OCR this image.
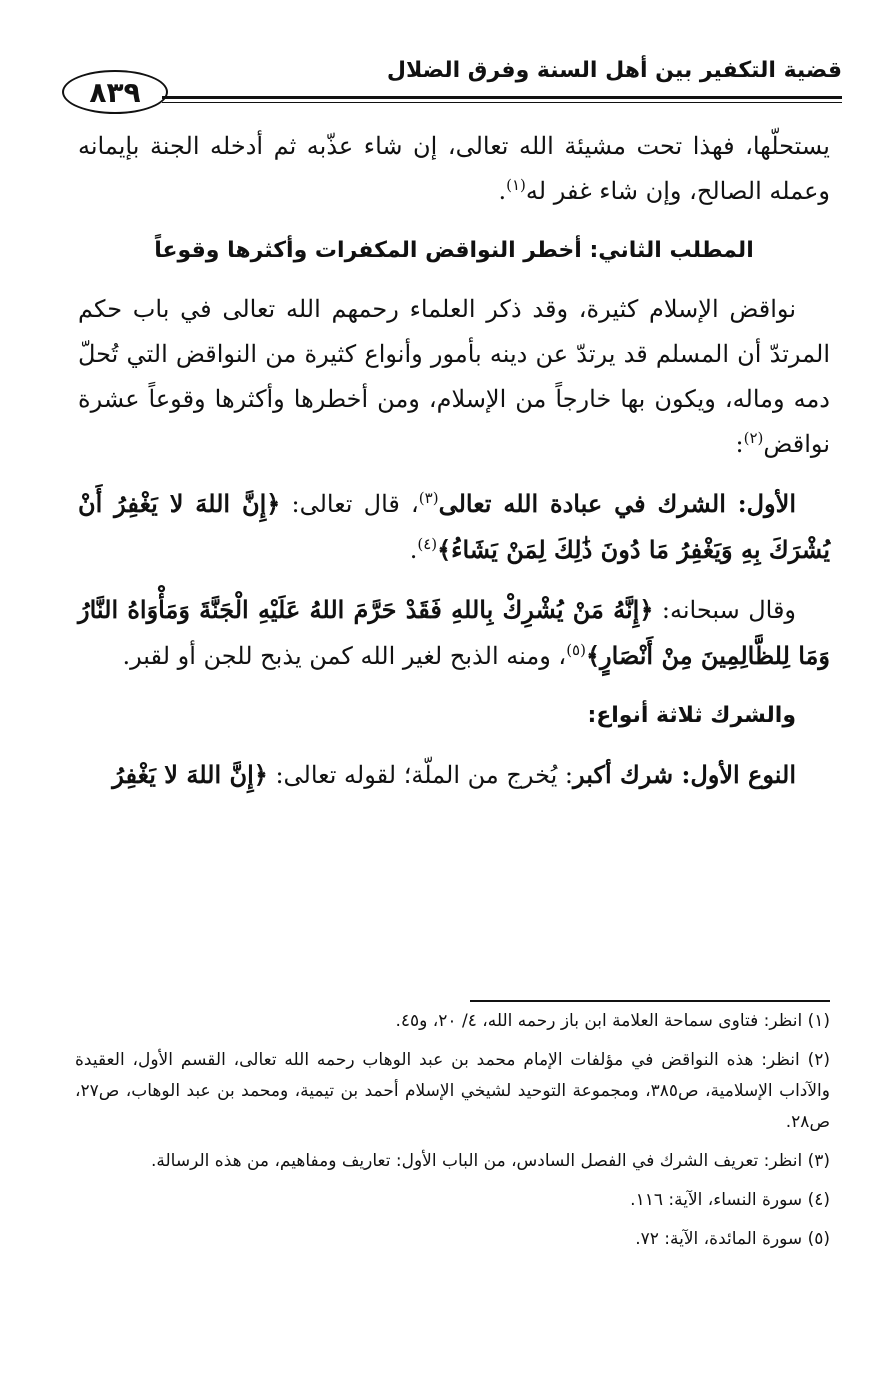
قضية التكفير بين أهل السنة وفرق الضلال
٨٣٩

يستحلّها، فهذا تحت مشيئة الله تعالى، إن شاء عذّبه ثم أدخله الجنة بإيمانه وعمله الصالح، وإن شاء غفر له$^{(١)}$.

المطلب الثاني: أخطر النواقض المكفرات وأكثرها وقوعاً

نواقض الإسلام كثيرة، وقد ذكر العلماء رحمهم الله تعالى في باب حكم المرتدّ أن المسلم قد يرتدّ عن دينه بأمور وأنواع كثيرة من النواقض التي تُحلّ دمه وماله، ويكون بها خارجاً من الإسلام، ومن أخطرها وأكثرها وقوعاً عشرة نواقض$^{(٢)}$:

الأول: الشرك في عبادة الله تعالى$^{(٣)}$، قال تعالى: ﴿إِنَّ اللهَ لا يَغْفِرُ أَنْ يُشْرَكَ بِهِ وَيَغْفِرُ مَا دُونَ ذَٰلِكَ لِمَنْ يَشَاءُ﴾$^{(٤)}$.

وقال سبحانه: ﴿إِنَّهُ مَنْ يُشْرِكْ بِاللهِ فَقَدْ حَرَّمَ اللهُ عَلَيْهِ الْجَنَّةَ وَمَأْوَاهُ النَّارُ وَمَا لِلظَّالِمِينَ مِنْ أَنْصَارٍ﴾$^{(٥)}$، ومنه الذبح لغير الله كمن يذبح للجن أو لقبر.

والشرك ثلاثة أنواع:

النوع الأول: شرك أكبر: يُخرج من الملّة؛ لقوله تعالى: ﴿إِنَّ اللهَ لا يَغْفِرُ

(١) انظر: فتاوى سماحة العلامة ابن باز رحمه الله، ٤/ ٢٠، و٤٥.

(٢) انظر: هذه النواقض في مؤلفات الإمام محمد بن عبد الوهاب رحمه الله تعالى، القسم الأول، العقيدة والآداب الإسلامية، ص٣٨٥، ومجموعة التوحيد لشيخي الإسلام أحمد بن تيمية، ومحمد بن عبد الوهاب، ص٢٧، ص٢٨.

(٣) انظر: تعريف الشرك في الفصل السادس، من الباب الأول: تعاريف ومفاهيم، من هذه الرسالة.

(٤) سورة النساء، الآية: ١١٦.

(٥) سورة المائدة، الآية: ٧٢.
